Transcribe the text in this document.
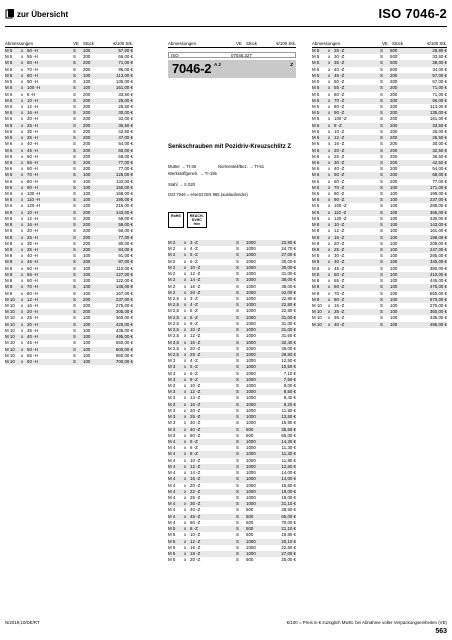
zur Übersicht	ISO 7046-2
Abmessungen	VE Stück	€/100 Stk.
M 5 x 50 -H	S 100	57,00 €
M 5 x 55 -H	S 200	66,00 €
M 5 x 60 -H	S 200	71,00 €
M 5 x 70 -H	S 200	96,00 €
M 5 x 80 -H	S 100	113,00 €
M 5 x 90 -H	S 100	135,00 €
M 5 x 100 -H	S 100	161,00 €
M 6 x 8 -H	S 200	33,50 €
M 6 x 10 -H	S 200	25,00 €
M 6 x 12 -H	S 200	26,50 €
M 6 x 16 -H	S 200	30,00 €
M 6 x 20 -H	S 200	32,00 €
M 6 x 25 -H	S 200	36,50 €
M 6 x 30 -H	S 200	42,50 €
M 6 x 35 -H	S 200	47,00 €
M 6 x 40 -H	S 200	54,00 €
M 6 x 45 -H	S 200	60,00 €
M 6 x 50 -H	S 200	68,00 €
M 6 x 55 -H	S 200	77,00 €
M 6 x 60 -H	S 200	77,00 €
M 6 x 70 -H	S 100	125,00 €
M 6 x 80 -H	S 100	132,00 €
M 6 x 90 -H	S 100	150,00 €
M 6 x 100 -H	S 100	168,00 €
M 6 x 110 -H	S 100	195,00 €
M 6 x 120 -H	S 100	216,00 €
M 8 x 10 -H	S 200	143,00 €
M 8 x 12 -H	S 200	59,00 €
M 8 x 16 -H	S 200	59,00 €
M 8 x 20 -H	S 200	66,00 €
M 8 x 25 -H	S 200	77,00 €
M 8 x 30 -H	S 200	80,00 €
M 8 x 35 -H	S 200	84,00 €
M 8 x 40 -H	S 100	91,00 €
M 8 x 45 -H	S 200	97,00 €
M 8 x 50 -H	S 100	110,00 €
M 8 x 55 -H	S 100	127,00 €
M 8 x 60 -H	S 100	122,00 €
M 8 x 70 -H	S 100	146,00 €
M 8 x 80 -H	S 100	167,00 €
M 10 x 12 -H	S 200	237,00 €
M 10 x 16 -H	S 200	275,00 €
M 10 x 20 -H	S 200	305,00 €
M 10 x 25 -H	S 100	360,00 €
M 10 x 30 -H	S 100	420,00 €
M 10 x 35 -H	S 100	435,00 €
M 10 x 40 -H	S 100	495,00 €
M 10 x 45 -H	S 100	550,00 €
M 10 x 50 -H	S 100	600,00 €
M 10 x 55 -H	S 100	660,00 €
M 10 x 60 -H	S 100	700,00 €
Abmessungen	VE Stück	€/100 Stk.
ISO	07046.327
7046-2 A 2	Z
Senkschrauben mit Pozidriv-Kreuzschlitz Z
Mutter → TI-36	Normenteil/Bez. → TI-51
Werkstoffgeneh. → TI-155
Stahl → S 020
ISO 7046 = ersetzt DIN 965 (auslaufender)
RoHS	REACH-SVHC free
M 2 x 3 -Z	S 1000	22,80 €
M 2 x 4 -Z	S 1000	24,70 €
M 2 x 5 -Z	S 1000	27,00 €
M 2 x 6 -Z	S 1000	30,00 €
M 2 x 10 -Z	S 1000	30,00 €
M 2 x 12 -Z	S 1000	31,00 €
M 2 x 14 -Z	S 1000	38,00 €
M 2 x 16 -Z	S 1000	38,00 €
M 2 x 20 -Z	S 1000	42,00 €
M 2,5 x 3 -Z	S 1000	22,80 €
M 2,5 x 4 -Z	S 1000	22,80 €
M 2,5 x 5 -Z	S 1000	22,80 €
M 2,5 x 6 -Z	S 1000	31,00 €
M 2,5 x 8 -Z	S 1000	31,00 €
M 2,5 x 10 -Z	S 1000	31,00 €
M 2,5 x 12 -Z	S 1000	31,60 €
M 2,5 x 16 -Z	S 1000	32,40 €
M 2,5 x 20 -Z	S 1000	36,00 €
M 2,5 x 25 -Z	S 1000	28,50 €
M 3 x 4 -Z	S 1000	12,50 €
M 3 x 5 -Z	S 1000	10,60 €
M 3 x 6 -Z	S 1000	7,10 €
M 3 x 8 -Z	S 1000	7,50 €
M 3 x 10 -Z	S 1000	8,00 €
M 3 x 12 -Z	S 1000	8,50 €
M 3 x 14 -Z	S 1000	8,40 €
M 3 x 16 -Z	S 1000	9,20 €
M 3 x 20 -Z	S 1000	11,50 €
M 3 x 25 -Z	S 1000	13,50 €
M 3 x 30 -Z	S 1000	16,90 €
M 3 x 40 -Z	S 500	35,50 €
M 3 x 50 -Z	S 500	65,00 €
M 4 x 5 -Z	S 1000	14,30 €
M 4 x 6 -Z	S 1000	11,30 €
M 4 x 8 -Z	S 1000	11,30 €
M 4 x 10 -Z	S 1000	11,80 €
M 4 x 12 -Z	S 1000	12,60 €
M 4 x 14 -Z	S 1000	14,00 €
M 4 x 16 -Z	S 1000	14,00 €
M 4 x 20 -Z	S 1000	15,50 €
M 4 x 22 -Z	S 1000	18,00 €
M 4 x 25 -Z	S 1000	18,00 €
M 4 x 30 -Z	S 1000	21,10 €
M 4 x 40 -Z	S 500	28,50 €
M 4 x 45 -Z	S 500	65,00 €
M 4 x 60 -Z	S 500	70,00 €
M 5 x 8 -Z	S 500	21,10 €
M 5 x 10 -Z	S 500	19,80 €
M 5 x 12 -Z	S 1000	20,10 €
M 5 x 16 -Z	S 1000	22,60 €
M 5 x 18 -Z	S 1000	27,00 €
M 5 x 20 -Z	S 500	25,00 €
Abmessungen	VE Stück	€/100 Stk.
M 5 x 25 -Z	S 500	29,80 €
M 5 x 30 -Z	S 500	33,50 €
M 5 x 35 -Z	S 500	38,00 €
M 5 x 40 -Z	S 500	34,00 €
M 5 x 45 -Z	S 200	57,00 €
M 5 x 50 -Z	S 200	57,00 €
M 5 x 55 -Z	S 200	71,00 €
M 5 x 60 -Z	S 200	71,00 €
M 5 x 70 -Z	S 200	96,00 €
M 5 x 80 -Z	S 200	113,00 €
M 5 x 90 -Z	S 200	135,00 €
M 5 x 100 -Z	S 200	161,00 €
M 6 x 8 -Z	S 200	33,50 €
M 6 x 10 -Z	S 200	25,00 €
M 6 x 12 -Z	S 200	26,50 €
M 6 x 16 -Z	S 200	30,00 €
M 6 x 20 -Z	S 200	32,50 €
M 6 x 25 -Z	S 200	36,50 €
M 6 x 30 -Z	S 200	42,50 €
M 6 x 40 -Z	S 200	54,00 €
M 6 x 50 -Z	S 200	68,00 €
M 6 x 60 -Z	S 200	77,00 €
M 6 x 70 -Z	S 100	171,00 €
M 6 x 80 -Z	S 100	199,00 €
M 6 x 90 -Z	S 100	237,00 €
M 6 x 100 -Z	S 100	285,00 €
M 6 x 110 -Z	S 100	355,00 €
M 6 x 120 -Z	S 100	430,00 €
M 8 x 10 -Z	S 100	143,00 €
M 8 x 12 -Z	S 100	161,00 €
M 8 x 16 -Z	S 100	198,00 €
M 8 x 20 -Z	S 100	209,00 €
M 8 x 25 -Z	S 100	247,00 €
M 8 x 30 -Z	S 100	285,00 €
M 8 x 40 -Z	S 100	345,00 €
M 8 x 45 -Z	S 100	380,00 €
M 8 x 50 -Z	S 100	410,00 €
M 8 x 55 -Z	S 100	445,00 €
M 8 x 60 -Z	S 100	475,00 €
M 8 x 70 -Z	S 100	550,00 €
M 8 x 80 -Z	S 100	670,00 €
M 10 x 16 -Z	S 100	275,00 €
M 10 x 25 -Z	S 100	360,00 €
M 10 x 35 -Z	S 100	435,00 €
M 10 x 40 -Z	S 100	495,00 €
N/2019,10/DE/RT	€/100 = Preis in € zuzüglich MwSt. bei Abnahme voller Verpackungseinheiten (VE)
563
